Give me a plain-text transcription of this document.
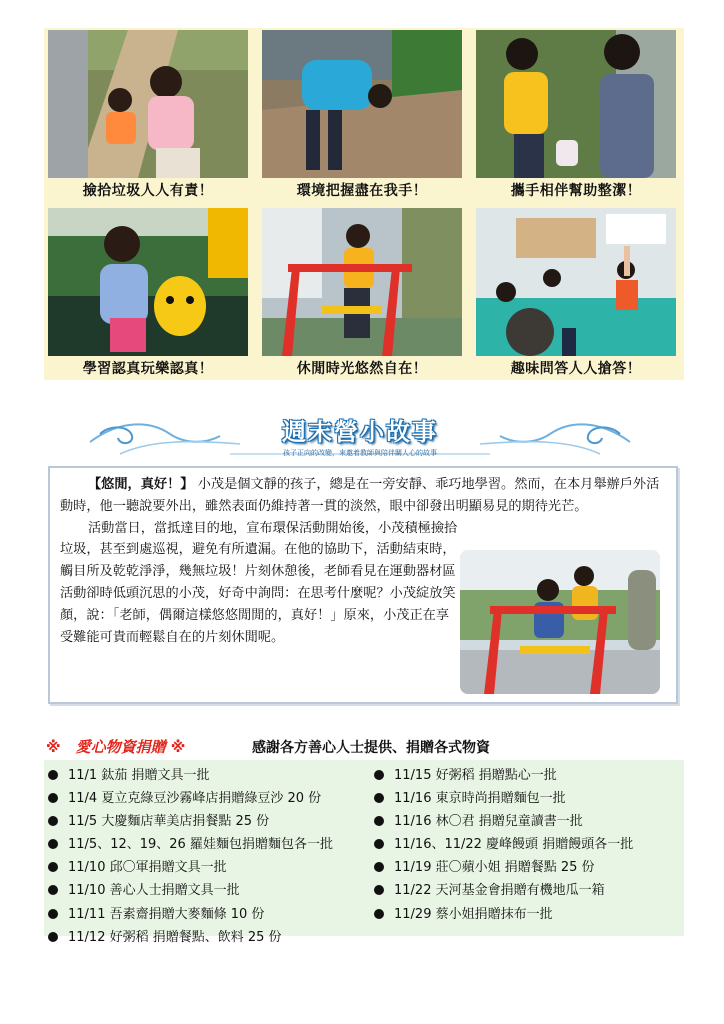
撿拾垃圾人人有責！	環境把握盡在我手！	攜手相伴幫助整潔！
學習認真玩樂認真！	休閒時光悠然自在！	趣味問答人人搶答！
週末營小故事
孩子正向的改變，來邀着教師與陪伴關人心的故事

【悠閒，真好！】 小茂是個文靜的孩子，總是在一旁安靜、乖巧地學習。然而，在本月舉辦戶外活動時，他一聽說要外出，雖然表面仍維持著一貫的淡然，眼中卻發出明顯易見的期待光芒。

活動當日，當抵達目的地，宣布環保活動開始後，小茂積極撿拾垃圾，甚至到處巡視，避免有所遺漏。在他的協助下，活動結束時，觸目所及乾乾淨淨，幾無垃圾！片刻休憩後，老師看見在運動器材區活動卻時低頭沉思的小茂，好奇中詢問：在思考什麼呢？小茂綻放笑顏，說：「老師，偶爾這樣悠悠閒閒的，真好！」原來，小茂正在享受難能可貴而輕鬆自在的片刻休閒呢。

※　愛心物資捐贈 ※	感謝各方善心人士提供、捐贈各式物資
11/1 鈦茄 捐贈文具一批
11/4 夏立克綠豆沙霧峰店捐贈綠豆沙 20 份
11/5 大慶麵店華美店捐餐點 25 份
11/5、12、19、26 羅娃麵包捐贈麵包各一批
11/10 邱〇軍捐贈文具一批
11/10 善心人士捐贈文具一批
11/11 吾素齋捐贈大麥麵條 10 份
11/12 好粥稻 捐贈餐點、飲料 25 份
11/15 好粥稻 捐贈點心一批
11/16 東京時尚捐贈麵包一批
11/16 林〇君 捐贈兒童讀書一批
11/16、11/22 慶峰饅頭 捐贈饅頭各一批
11/19 莊〇蘋小姐 捐贈餐點 25 份
11/22 天河基金會捐贈有機地瓜一箱
11/29 蔡小姐捐贈抹布一批
